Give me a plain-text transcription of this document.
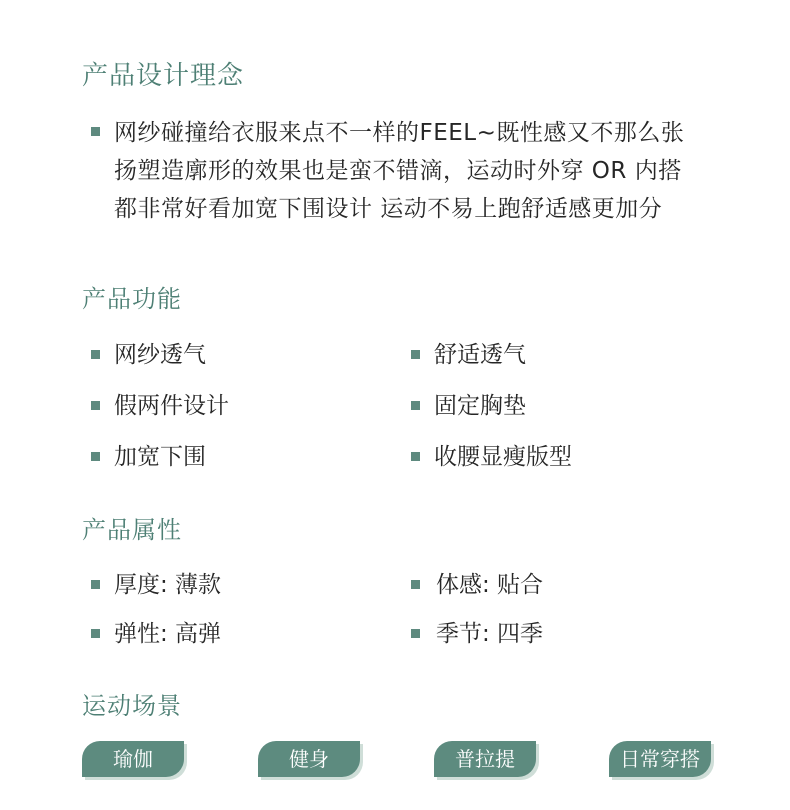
产品设计理念
网纱碰撞给衣服来点不一样的FEEL~既性感又不那么张
扬塑造廓形的效果也是蛮不错滴，运动时外穿 OR 内搭
都非常好看加宽下围设计 运动不易上跑舒适感更加分
产品功能
网纱透气	舒适透气
假两件设计	固定胸垫
加宽下围	收腰显瘦版型
产品属性
厚度: 薄款	体感: 贴合
弹性: 高弹	季节: 四季
运动场景
瑜伽	健身	普拉提	日常穿搭
